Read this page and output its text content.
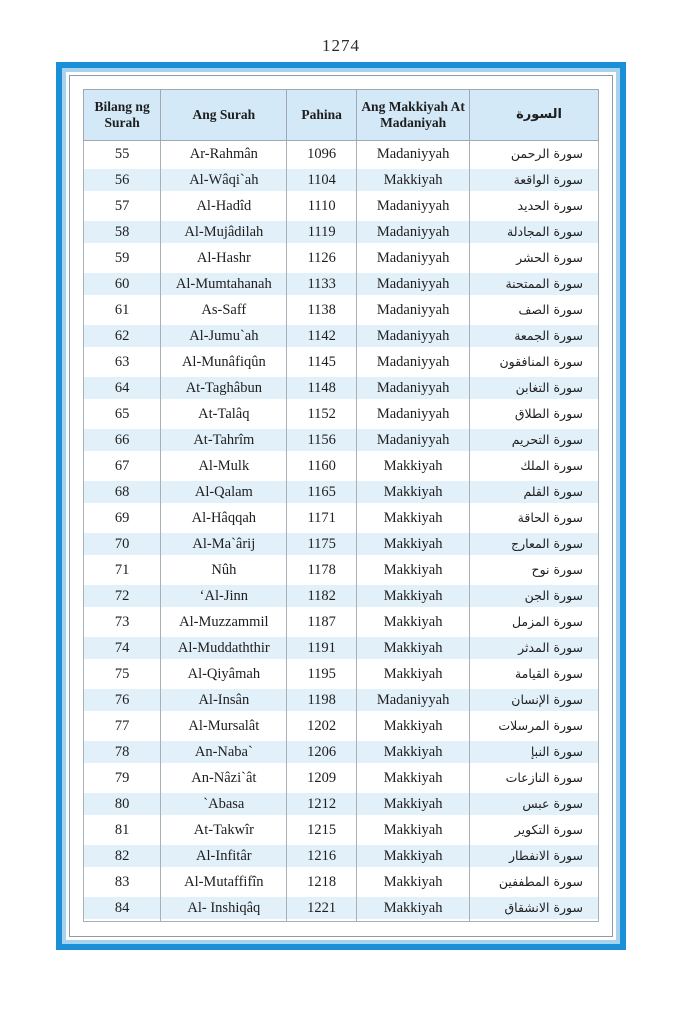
1274
Bilang ng Surah	Ang Surah	Pahina	Ang Makkiyah At Madaniyah	السورة
55	Ar-Rahmân	1096	Madaniyyah	سورة الرحمن
56	Al-Wâqi`ah	1104	Makkiyah	سورة الواقعة
57	Al-Hadîd	1110	Madaniyyah	سورة الحديد
58	Al-Mujâdilah	1119	Madaniyyah	سورة المجادلة
59	Al-Hashr	1126	Madaniyyah	سورة الحشر
60	Al-Mumtahanah	1133	Madaniyyah	سورة الممتحنة
61	As-Saff	1138	Madaniyyah	سورة الصف
62	Al-Jumu`ah	1142	Madaniyyah	سورة الجمعة
63	Al-Munâfiqûn	1145	Madaniyyah	سورة المنافقون
64	At-Taghâbun	1148	Madaniyyah	سورة التغابن
65	At-Talâq	1152	Madaniyyah	سورة الطلاق
66	At-Tahrîm	1156	Madaniyyah	سورة التحريم
67	Al-Mulk	1160	Makkiyah	سورة الملك
68	Al-Qalam	1165	Makkiyah	سورة القلم
69	Al-Hâqqah	1171	Makkiyah	سورة الحاقة
70	Al-Ma`ârij	1175	Makkiyah	سورة المعارج
71	Nûh	1178	Makkiyah	سورة نوح
72	‘Al-Jinn	1182	Makkiyah	سورة الجن
73	Al-Muzzammil	1187	Makkiyah	سورة المزمل
74	Al-Muddaththir	1191	Makkiyah	سورة المدثر
75	Al-Qiyâmah	1195	Makkiyah	سورة القيامة
76	Al-Insân	1198	Madaniyyah	سورة الإنسان
77	Al-Mursalât	1202	Makkiyah	سورة المرسلات
78	An-Naba`	1206	Makkiyah	سورة النبإ
79	An-Nâzi`ât	1209	Makkiyah	سورة النازعات
80	`Abasa	1212	Makkiyah	سورة عبس
81	At-Takwîr	1215	Makkiyah	سورة التكوير
82	Al-Infitâr	1216	Makkiyah	سورة الانفطار
83	Al-Mutaffifîn	1218	Makkiyah	سورة المطففين
84	Al- Inshiqâq	1221	Makkiyah	سورة الانشقاق
